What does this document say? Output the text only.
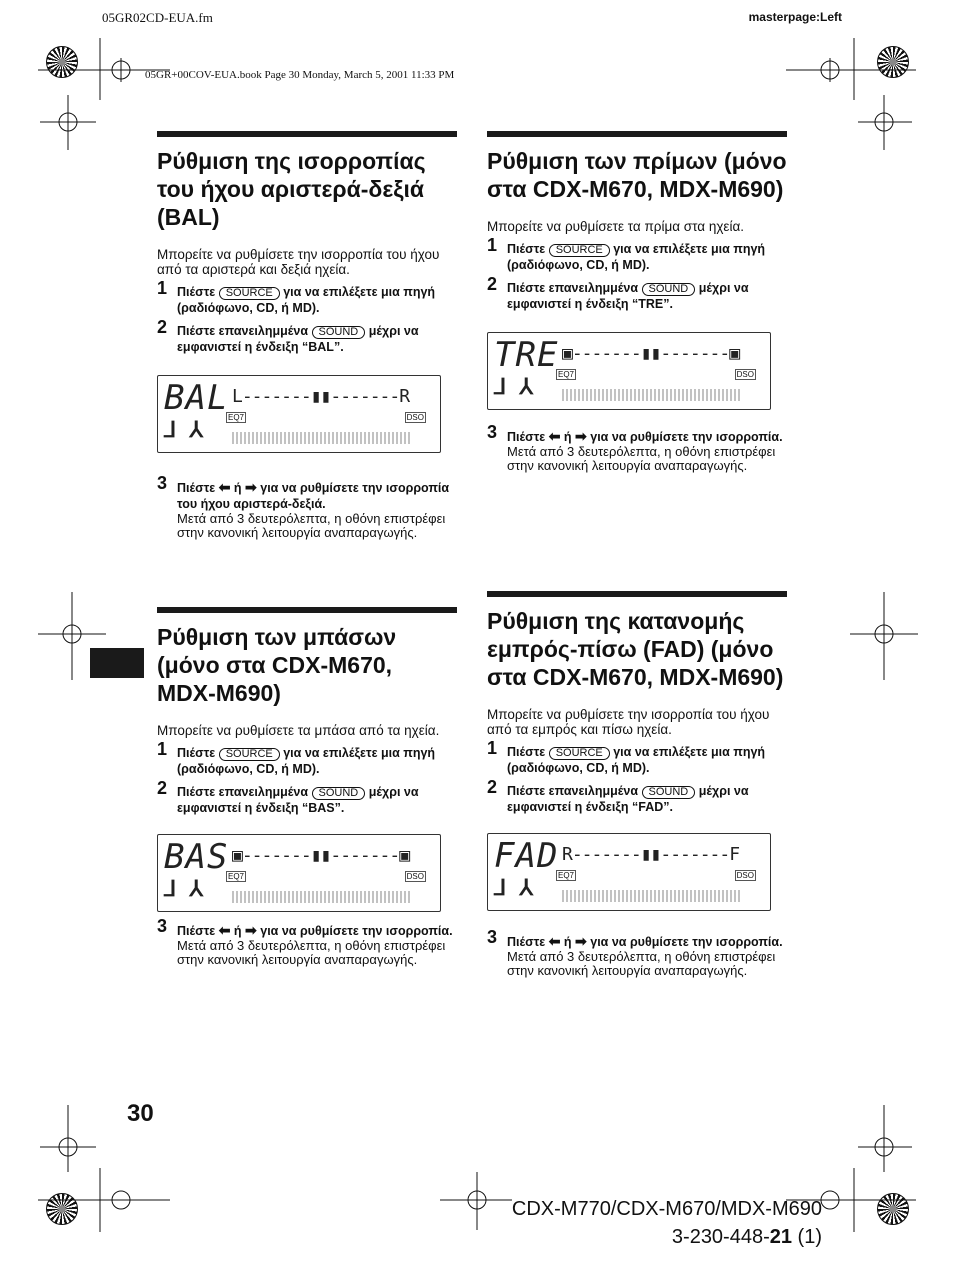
05GR02CD-EUA.fm	masterpage:Left
05GR+00COV-EUA.book Page 30 Monday, March 5, 2001 11:33 PM
Ρύθμιση της ισορροπίας του ήχου αριστερά-δεξιά (BAL)
Μπορείτε να ρυθμίσετε την ισορροπία του ήχου από τα αριστερά και δεξιά ηχεία.
1 Πιέστε SOURCE για να επιλέξετε μια πηγή (ραδιόφωνο, CD, ή MD).
2 Πιέστε επανειλημμένα SOUND μέχρι να εμφανιστεί η ένδειξη “BAL”.
BAL L-------▮▮-------R
EQ7	DSO
⅃ ⅄
3 Πιέστε ⬅ ή ➡ για να ρυθμίσετε την ισορροπία του ήχου αριστερά-δεξιά.
Μετά από 3 δευτερόλεπτα, η οθόνη επιστρέφει στην κανονική λειτουργία αναπαραγωγής.
Ρύθμιση των μπάσων (μόνο στα CDX-M670, MDX-M690)
Μπορείτε να ρυθμίσετε τα μπάσα από τα ηχεία.
1 Πιέστε SOURCE για να επιλέξετε μια πηγή (ραδιόφωνο, CD, ή MD).
2 Πιέστε επανειλημμένα SOUND μέχρι να εμφανιστεί η ένδειξη “BAS”.
BAS ▣-------▮▮-------▣
EQ7	DSO
⅃ ⅄
3 Πιέστε ⬅ ή ➡ για να ρυθμίσετε την ισορροπία.
Μετά από 3 δευτερόλεπτα, η οθόνη επιστρέφει στην κανονική λειτουργία αναπαραγωγής.
Ρύθμιση των πρίμων (μόνο στα CDX-M670, MDX-M690)
Μπορείτε να ρυθμίσετε τα πρίμα στα ηχεία.
1 Πιέστε SOURCE για να επιλέξετε μια πηγή (ραδιόφωνο, CD, ή MD).
2 Πιέστε επανειλημμένα SOUND μέχρι να εμφανιστεί η ένδειξη “TRE”.
TRE ▣-------▮▮-------▣
EQ7	DSO
⅃ ⅄
3 Πιέστε ⬅ ή ➡ για να ρυθμίσετε την ισορροπία.
Μετά από 3 δευτερόλεπτα, η οθόνη επιστρέφει στην κανονική λειτουργία αναπαραγωγής.
Ρύθμιση της κατανομής εμπρός-πίσω (FAD) (μόνο στα CDX-M670, MDX-M690)
Μπορείτε να ρυθμίσετε την ισορροπία του ήχου από τα εμπρός και πίσω ηχεία.
1 Πιέστε SOURCE για να επιλέξετε μια πηγή (ραδιόφωνο, CD, ή MD).
2 Πιέστε επανειλημμένα SOUND μέχρι να εμφανιστεί η ένδειξη “FAD”.
FAD R-------▮▮-------F
EQ7	DSO
⅃ ⅄
3 Πιέστε ⬅ ή ➡ για να ρυθμίσετε την ισορροπία.
Μετά από 3 δευτερόλεπτα, η οθόνη επιστρέφει στην κανονική λειτουργία αναπαραγωγής.
30
CDX-M770/CDX-M670/MDX-M690
3-230-448-21 (1)
